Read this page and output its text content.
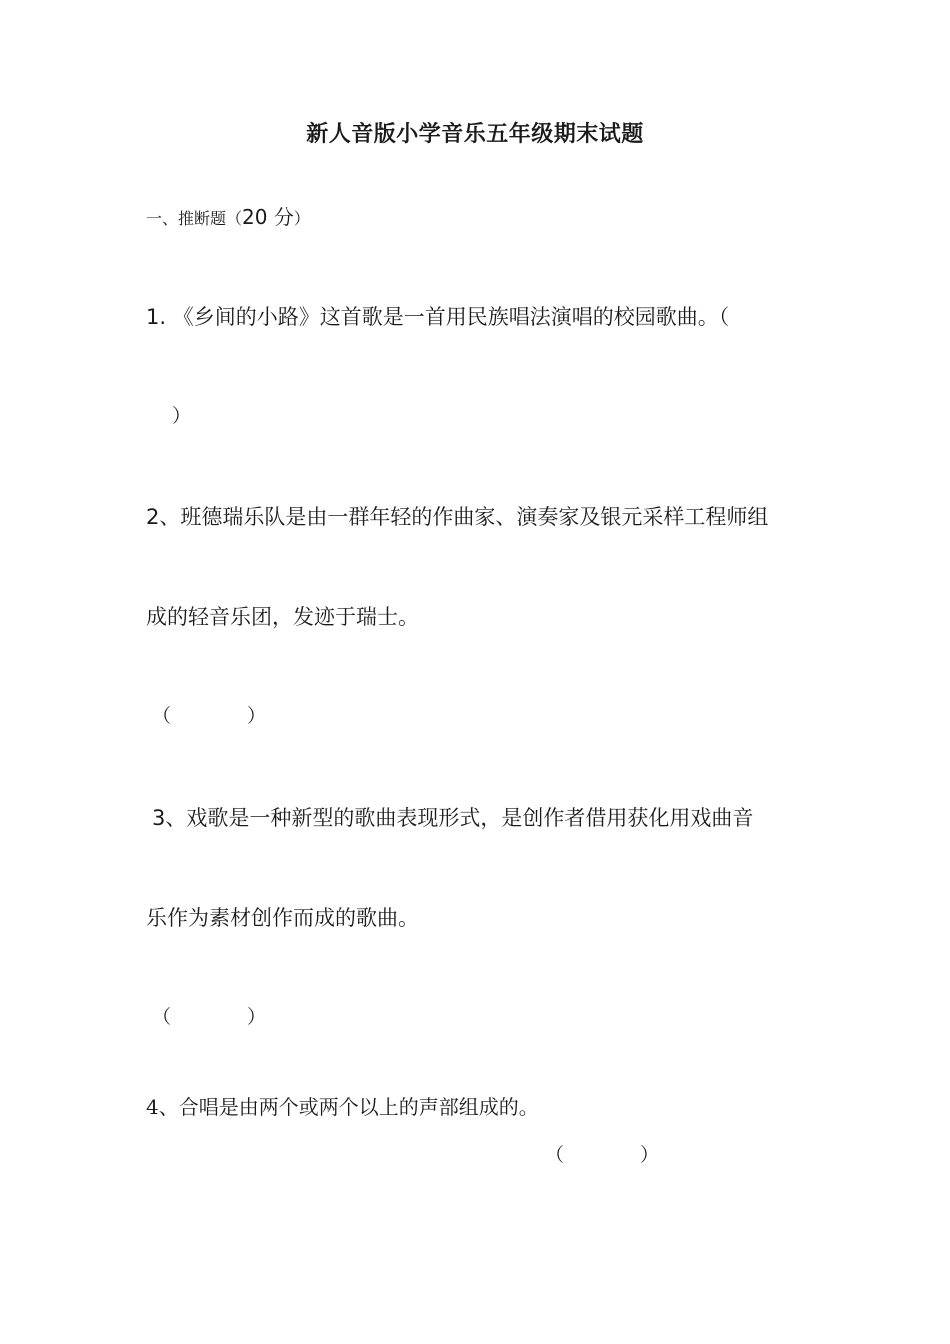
新人音版小学音乐五年级期末试题
一、推断题（20 分）
1. 《乡间的小路》这首歌是一首用民族唱法演唱的校园歌曲。（
）
2、班德瑞乐队是由一群年轻的作曲家、演奏家及银元采样工程师组
成的轻音乐团，发迹于瑞士。
（　　　　）
3、戏歌是一种新型的歌曲表现形式，是创作者借用获化用戏曲音
乐作为素材创作而成的歌曲。
（　　　　）
4、合唱是由两个或两个以上的声部组成的。
（　　　　）
